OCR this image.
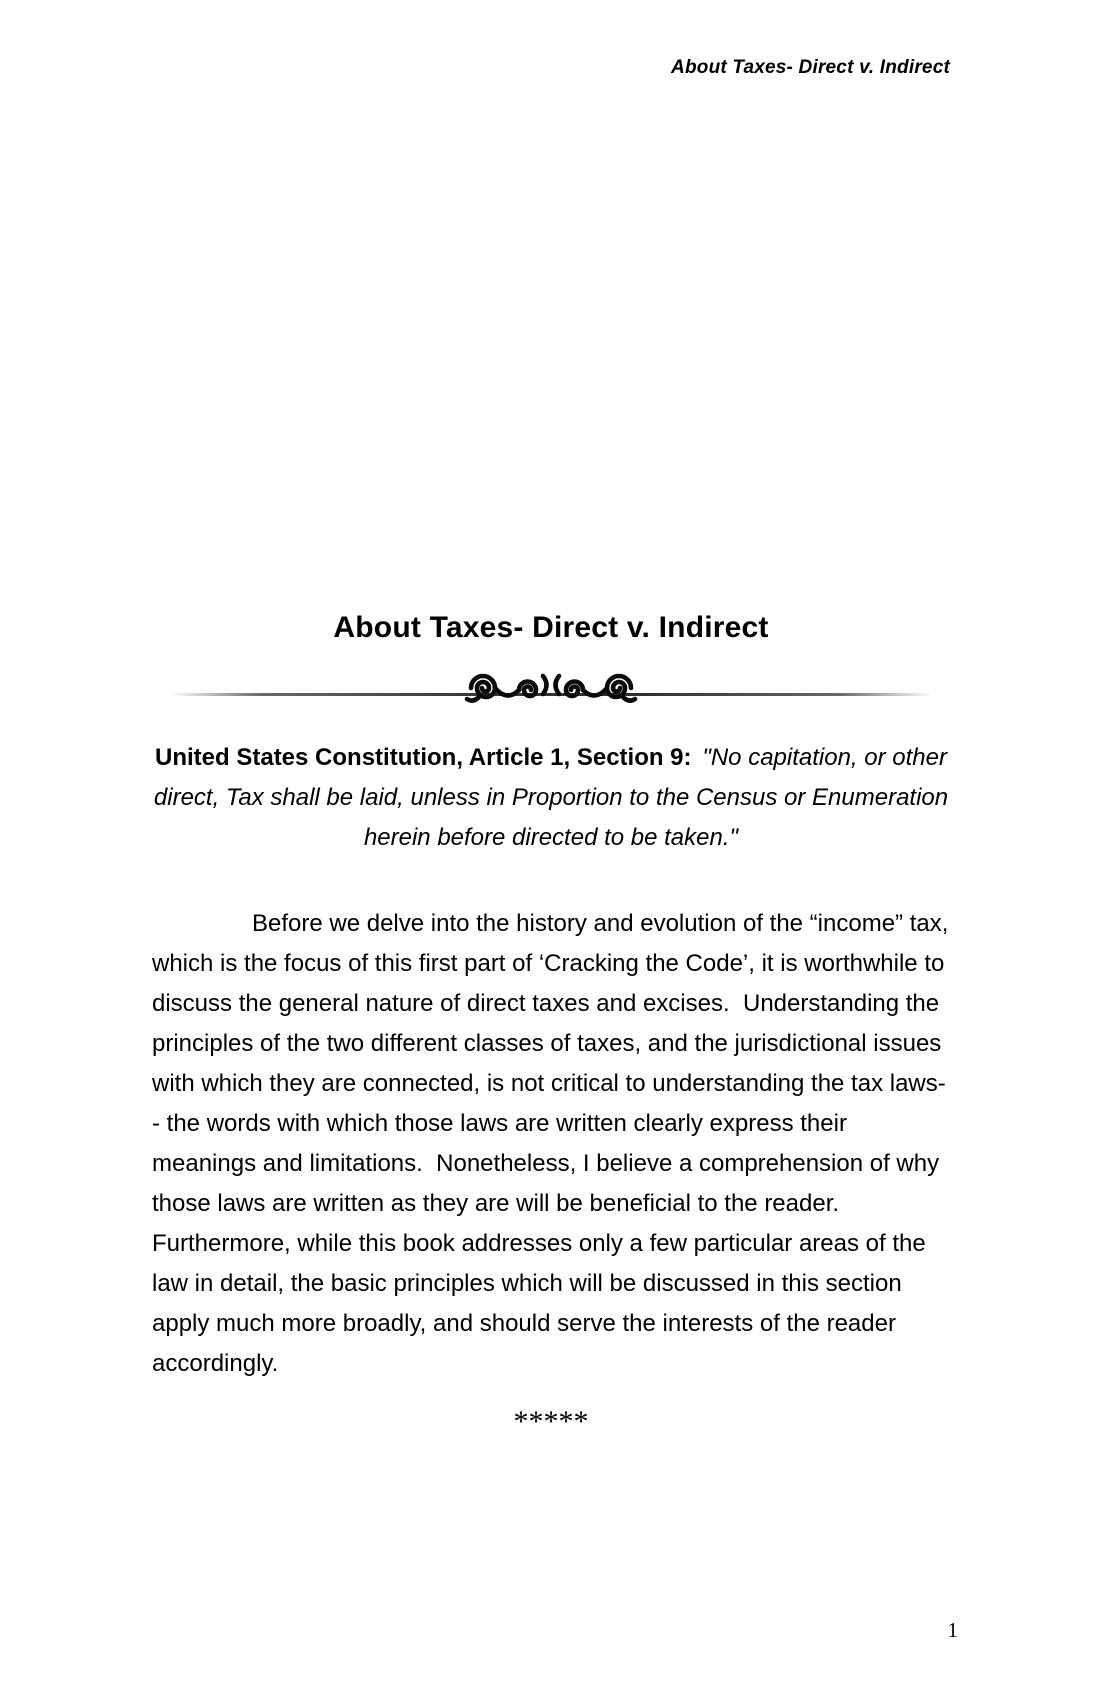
About Taxes- Direct v. Indirect
About Taxes- Direct v. Indirect
United States Constitution, Article 1, Section 9: "No capitation, or other direct, Tax shall be laid, unless in Proportion to the Census or Enumeration herein before directed to be taken."

Before we delve into the history and evolution of the “income” tax, which is the focus of this first part of ‘Cracking the Code’, it is worthwhile to discuss the general nature of direct taxes and excises.  Understanding the principles of the two different classes of taxes, and the jurisdictional issues with which they are connected, is not critical to understanding the tax laws-- the words with which those laws are written clearly express their meanings and limitations.  Nonetheless, I believe a comprehension of why those laws are written as they are will be beneficial to the reader.  Furthermore, while this book addresses only a few particular areas of the law in detail, the basic principles which will be discussed in this section apply much more broadly, and should serve the interests of the reader accordingly.

*****
1
